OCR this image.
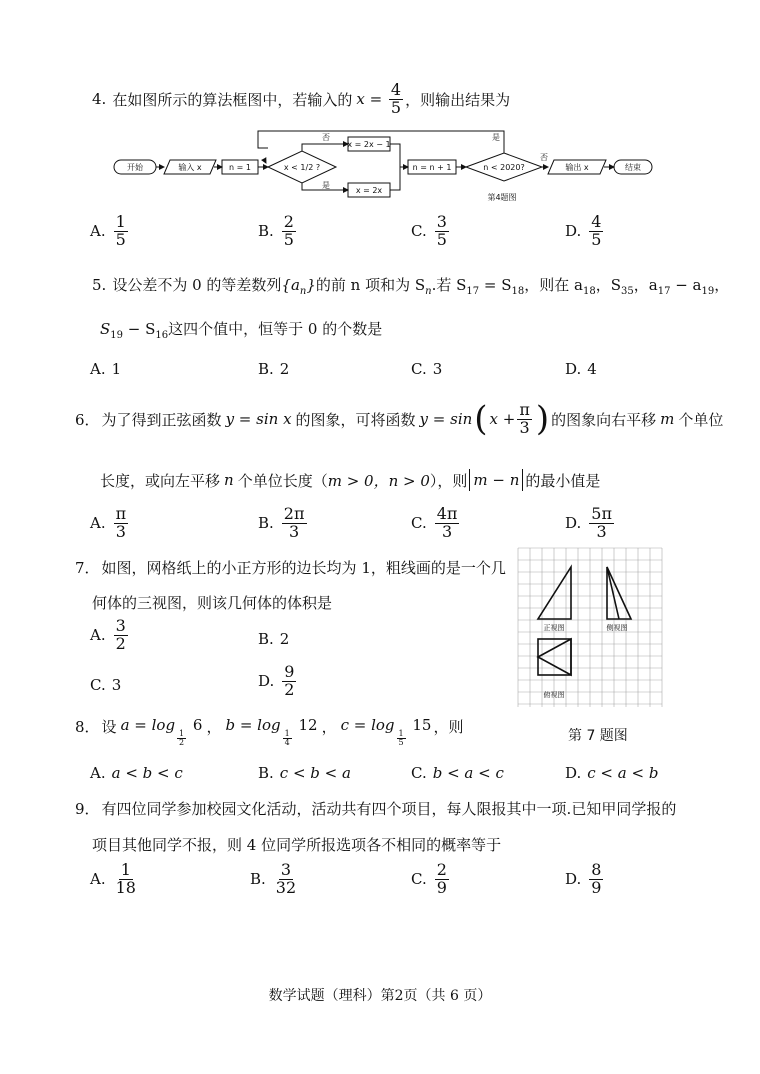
4. 在如图所示的算法框图中，若输入的 $x = \frac{4}{5}$ ，则输出结果为
开始	输入 x	n = 1	x < 1/2 ?
否
是
x = 2x − 1
x = 2x
n = n + 1	n < 2020?
是
否
输出 x	结束
第4题图
A. $\frac{1}{5}$	B. $\frac{2}{5}$	C. $\frac{3}{5}$	D. $\frac{4}{5}$
5. 设公差不为 0 的等差数列$\{a_n\}$的前 n 项和为 $S_n$.若 $S_{17} = S_{18}$，则在 $a_{18}$，$S_{35}$，$a_{17} - a_{19}$，
$S_{19} - S_{16}$这四个值中，恒等于 0 的个数是
A. 1	B. 2	C. 3	D. 4
6． 为了得到正弦函数 y = sin x 的图象，可将函数 y = sin ( $x + \frac{\pi}{3}$ ) 的图象向右平移 m 个单位
长度，或向左平移 n 个单位长度（ m > 0，n > 0 ），则 m − n 的最小值是
A. $\frac{\pi}{3}$	B. $\frac{2\pi}{3}$	C. $\frac{4\pi}{3}$	D. $\frac{5\pi}{3}$
7． 如图，网格纸上的小正方形的边长均为 1，粗线画的是一个几
何体的三视图，则该几何体的体积是
A. $\frac{3}{2}$	B. 2
C. 3	D. $\frac{9}{2}$
正视图	侧视图
俯视图
第 7 题图
8． 设 a = log
$\frac{1}{2}$
6 ， b = log
$\frac{1}{4}$
12 ， c = log
$\frac{1}{5}$
15 ，则
A. a < b < c	B. c < b < a	C. b < a < c	D. c < a < b
9． 有四位同学参加校园文化活动，活动共有四个项目，每人限报其中一项.已知甲同学报的
项目其他同学不报，则 4 位同学所报选项各不相同的概率等于
A. $\frac{1}{18}$	B. $\frac{3}{32}$	C. $\frac{2}{9}$	D. $\frac{8}{9}$
数学试题（理科）第2页（共 6 页）
